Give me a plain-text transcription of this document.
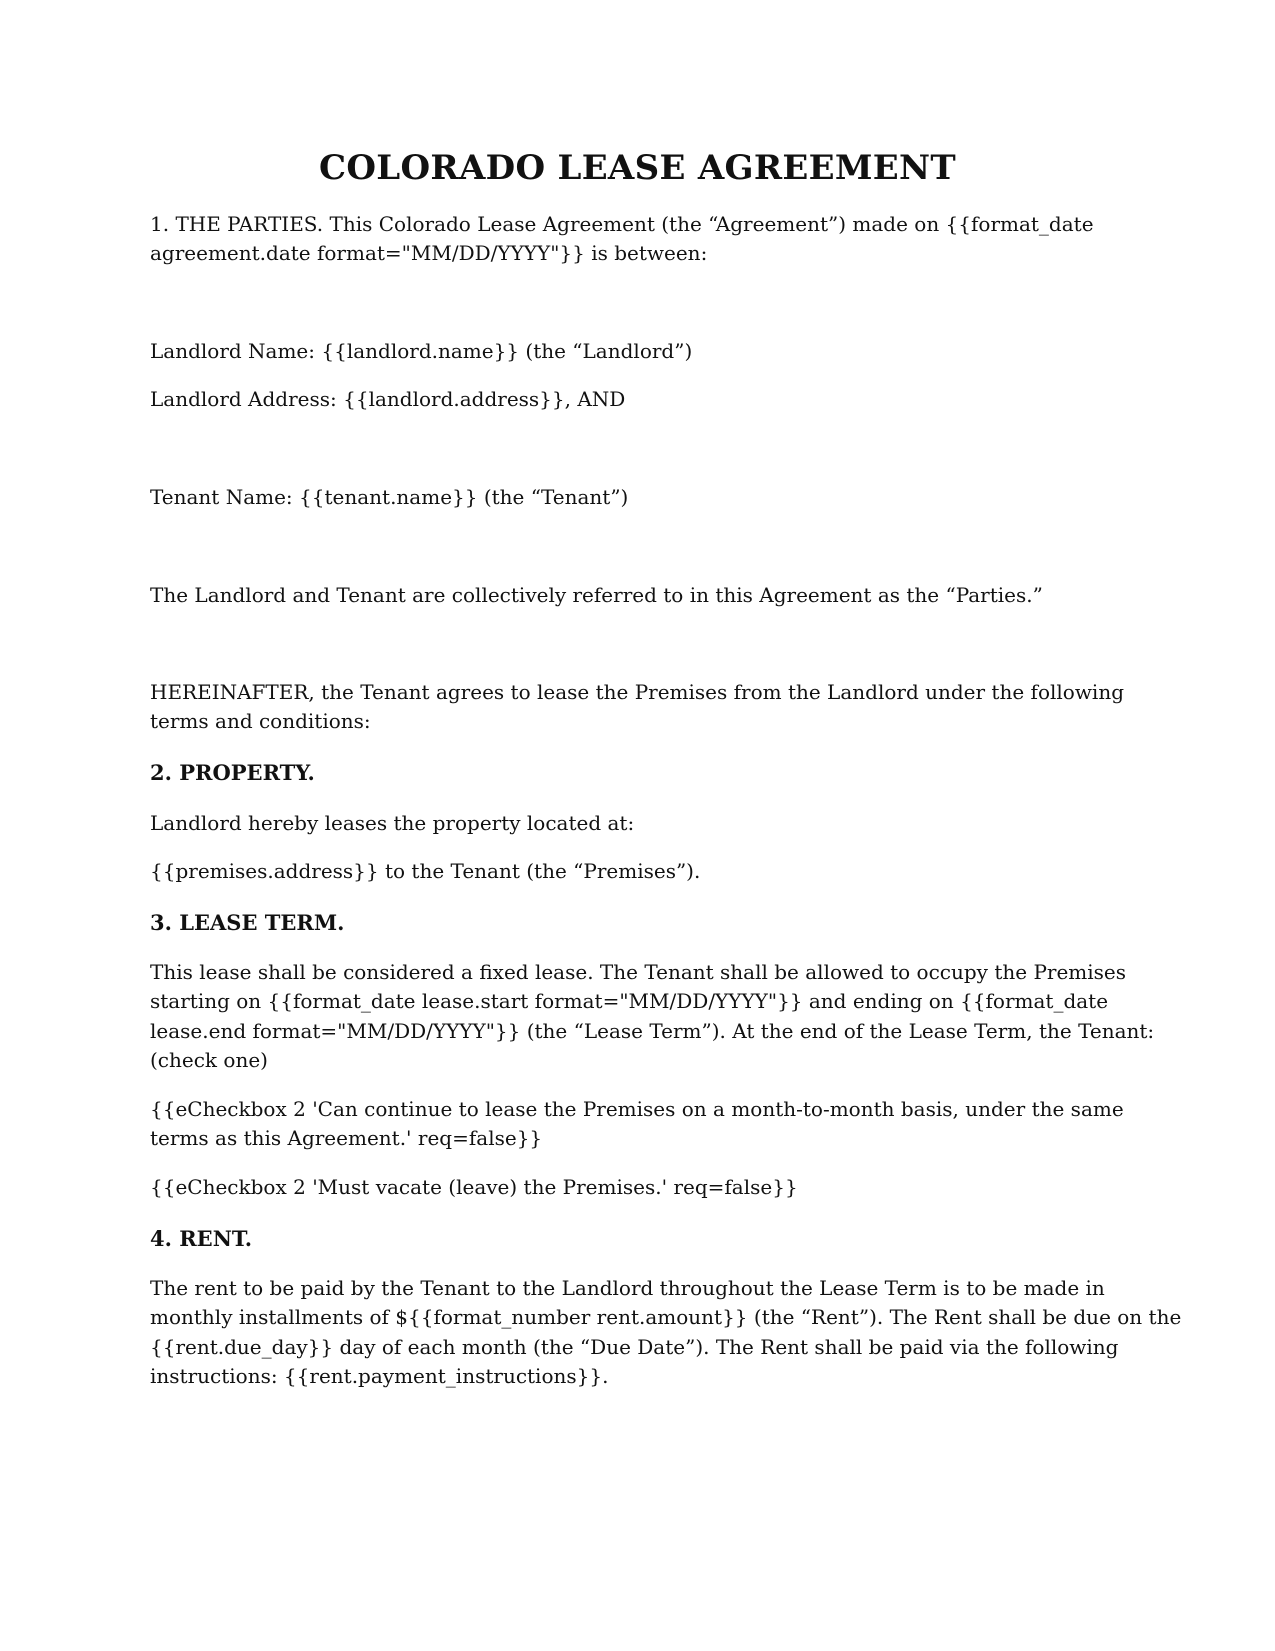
COLORADO LEASE AGREEMENT

1. THE PARTIES. This Colorado Lease Agreement (the “Agreement”) made on {{format_date

agreement.date format="MM/DD/YYYY"}} is between:

Landlord Name: {{landlord.name}} (the “Landlord”)

Landlord Address: {{landlord.address}}, AND

Tenant Name: {{tenant.name}} (the “Tenant”)

The Landlord and Tenant are collectively referred to in this Agreement as the “Parties.”

HEREINAFTER, the Tenant agrees to lease the Premises from the Landlord under the following

terms and conditions:

2. PROPERTY.

Landlord hereby leases the property located at:

{{premises.address}} to the Tenant (the “Premises”).

3. LEASE TERM.

This lease shall be considered a fixed lease. The Tenant shall be allowed to occupy the Premises

starting on {{format_date lease.start format="MM/DD/YYYY"}} and ending on {{format_date

lease.end format="MM/DD/YYYY"}} (the “Lease Term”). At the end of the Lease Term, the Tenant:

(check one)

{{eCheckbox 2 'Can continue to lease the Premises on a month-to-month basis, under the same

terms as this Agreement.' req=false}}

{{eCheckbox 2 'Must vacate (leave) the Premises.' req=false}}

4. RENT.

The rent to be paid by the Tenant to the Landlord throughout the Lease Term is to be made in

monthly installments of ${{format_number rent.amount}} (the “Rent”). The Rent shall be due on the

{{rent.due_day}} day of each month (the “Due Date”). The Rent shall be paid via the following

instructions: {{rent.payment_instructions}}.
